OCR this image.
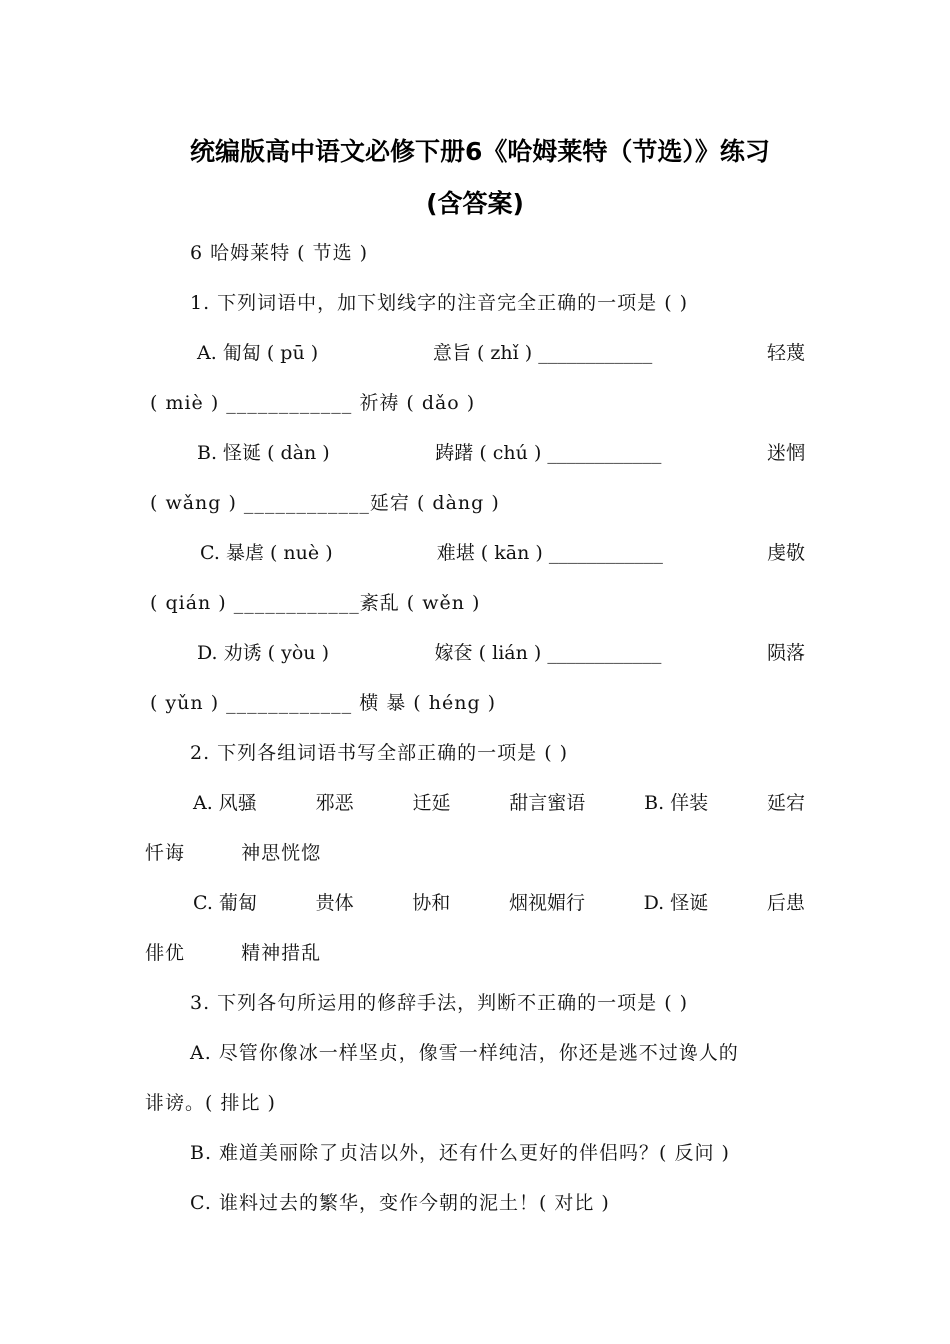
统编版高中语文必修下册6《哈姆莱特（节选）》练习
(含答案)
6 哈姆莱特 ( 节选 )
1. 下列词语中，加下划线字的注音完全正确的一项是 ( )
A. 匍匐 ( pū )	意旨 ( zhǐ ) ____________	轻蔑
( miè ) ____________ 祈祷 ( dǎo )
B. 怪诞 ( dàn )	踌躇 ( chú ) ____________	迷惘
( wǎng ) ____________延宕 ( dàng )
C. 暴虐 ( nuè )	难堪 ( kān ) ____________	虔敬
( qián ) ____________紊乱 ( wěn )
D. 劝诱 ( yòu )	嫁奁 ( lián ) ____________	陨落
( yǔn ) ____________ 横 暴 ( héng )
2. 下列各组词语书写全部正确的一项是 ( )
A. 风骚	邪恶	迁延	甜言蜜语	B. 佯装	延宕
忏诲	神思恍惚
C. 葡匐	贵体	协和	烟视媚行	D. 怪诞	后患
俳优	精神措乱
3. 下列各句所运用的修辞手法，判断不正确的一项是 ( )
A. 尽管你像冰一样坚贞，像雪一样纯洁，你还是逃不过谗人的
诽谤。( 排比 )
B. 难道美丽除了贞洁以外，还有什么更好的伴侣吗？( 反问 )
C. 谁料过去的繁华，变作今朝的泥土！( 对比 )
